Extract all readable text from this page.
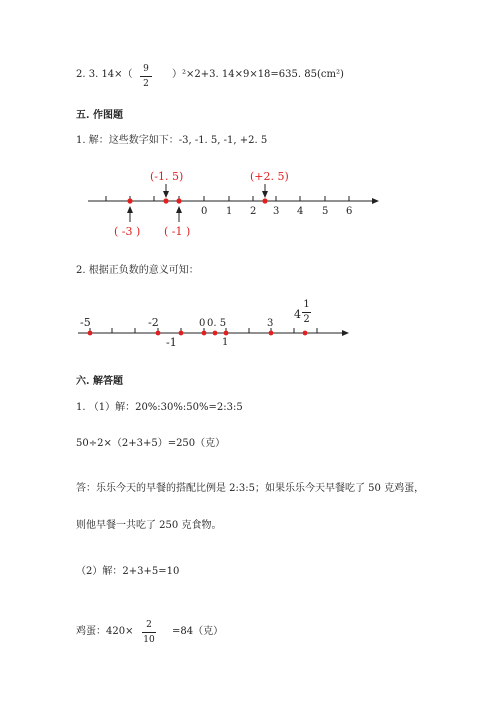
2. 3. 14×（	9
2
）²×2+3. 14×9×18=635. 85(cm²)
五. 作图题
1. 解：这些数字如下：-3, -1. 5, -1, +2. 5
0 1 2 3 4 5 6
(-1. 5)	(+2. 5)
( -3 ) ( -1 )
2. 根据正负数的意义可知：
-5	-2	0 0. 5	3
4
1
2
-1	1
六. 解答题
1. （1）解：20%:30%:50%=2:3:5
50÷2×（2+3+5）=250（克）
答：乐乐今天的早餐的搭配比例是 2:3:5；如果乐乐今天早餐吃了 50 克鸡蛋，
则他早餐一共吃了 250 克食物。
（2）解：2+3+5=10
鸡蛋：420×
2
10
=84（克）
